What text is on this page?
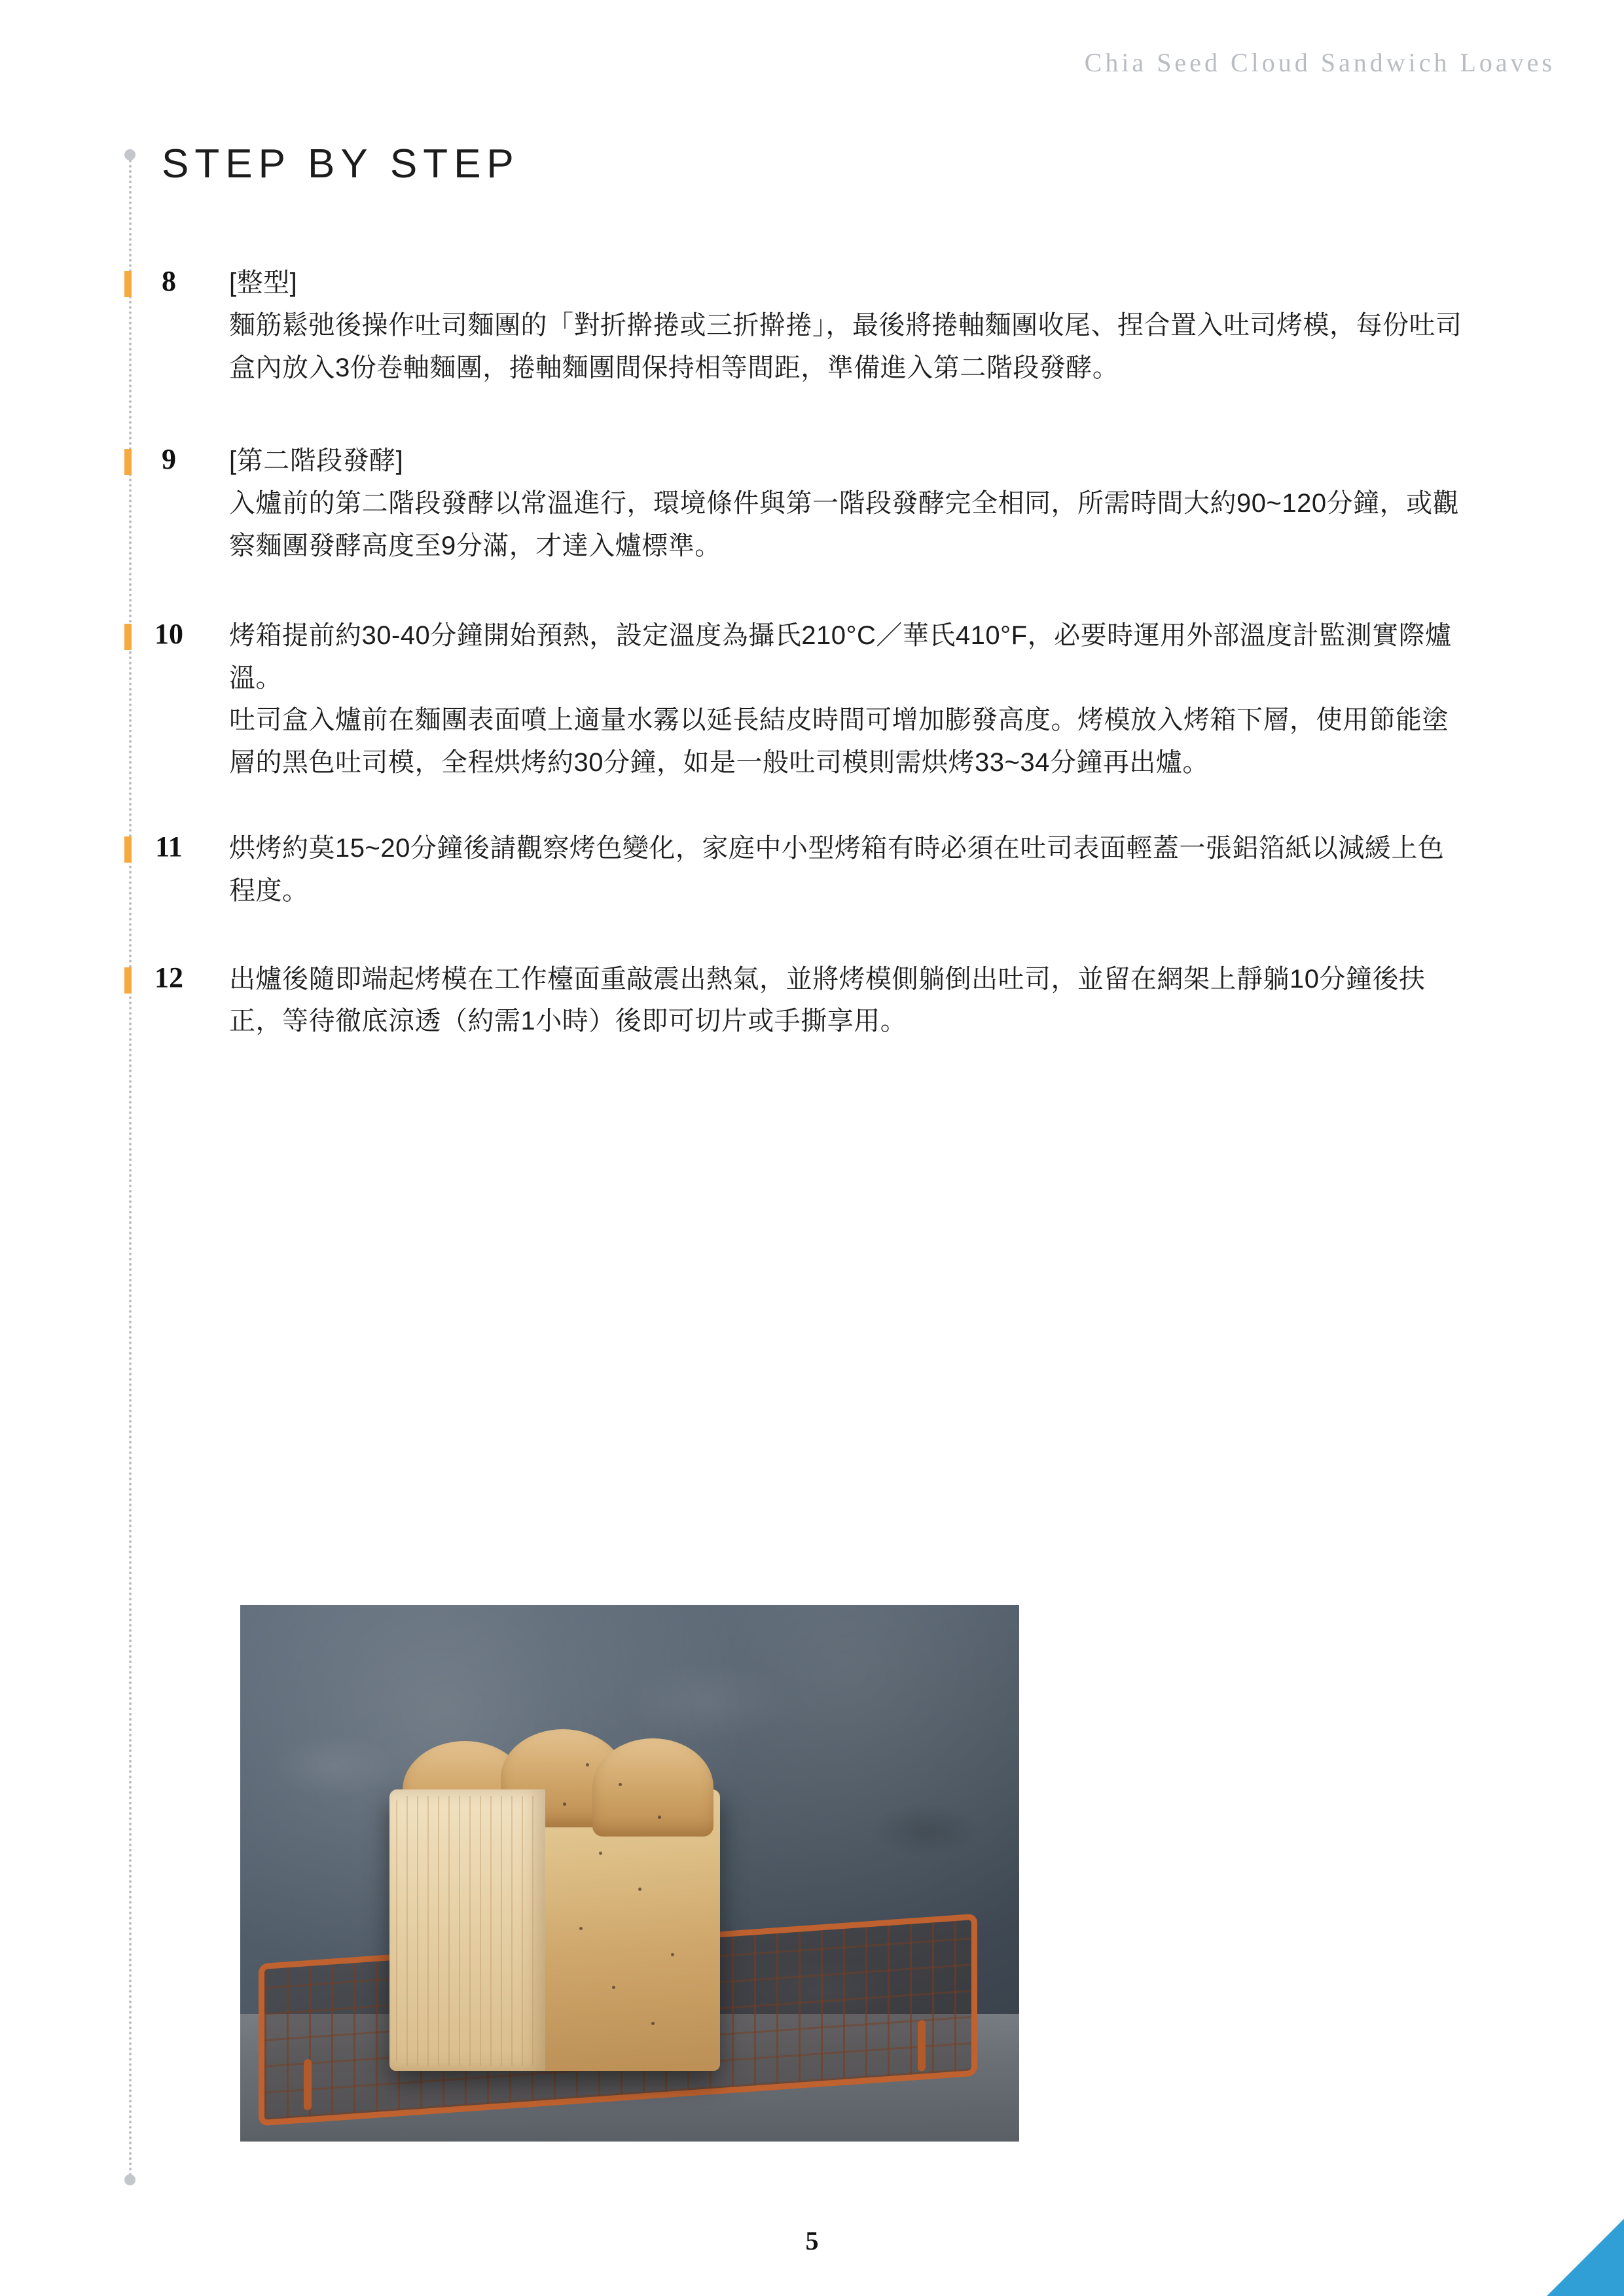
Chia Seed Cloud Sandwich Loaves
STEP BY STEP
8	[整型]

麵筋鬆弛後操作吐司麵團的「對折擀捲或三折擀捲」，最後將捲軸麵團收尾、捏合置入吐司烤模，每份吐司盒內放入3份卷軸麵團，捲軸麵團間保持相等間距，準備進入第二階段發酵。

9	[第二階段發酵]

入爐前的第二階段發酵以常溫進行，環境條件與第一階段發酵完全相同，所需時間大約90~120分鐘，或觀察麵團發酵高度至9分滿，才達入爐標準。

10	烤箱提前約30-40分鐘開始預熱，設定溫度為攝氏210°C／華氏410°F，必要時運用外部溫度計監測實際爐溫。

吐司盒入爐前在麵團表面噴上適量水霧以延長結皮時間可增加膨發高度。烤模放入烤箱下層，使用節能塗層的黑色吐司模，全程烘烤約30分鐘，如是一般吐司模則需烘烤33~34分鐘再出爐。

11	烘烤約莫15~20分鐘後請觀察烤色變化，家庭中小型烤箱有時必須在吐司表面輕蓋一張鋁箔紙以減緩上色程度。

12	出爐後隨即端起烤模在工作檯面重敲震出熱氣，並將烤模側躺倒出吐司，並留在網架上靜躺10分鐘後扶正，等待徹底涼透（約需1小時）後即可切片或手撕享用。

5
